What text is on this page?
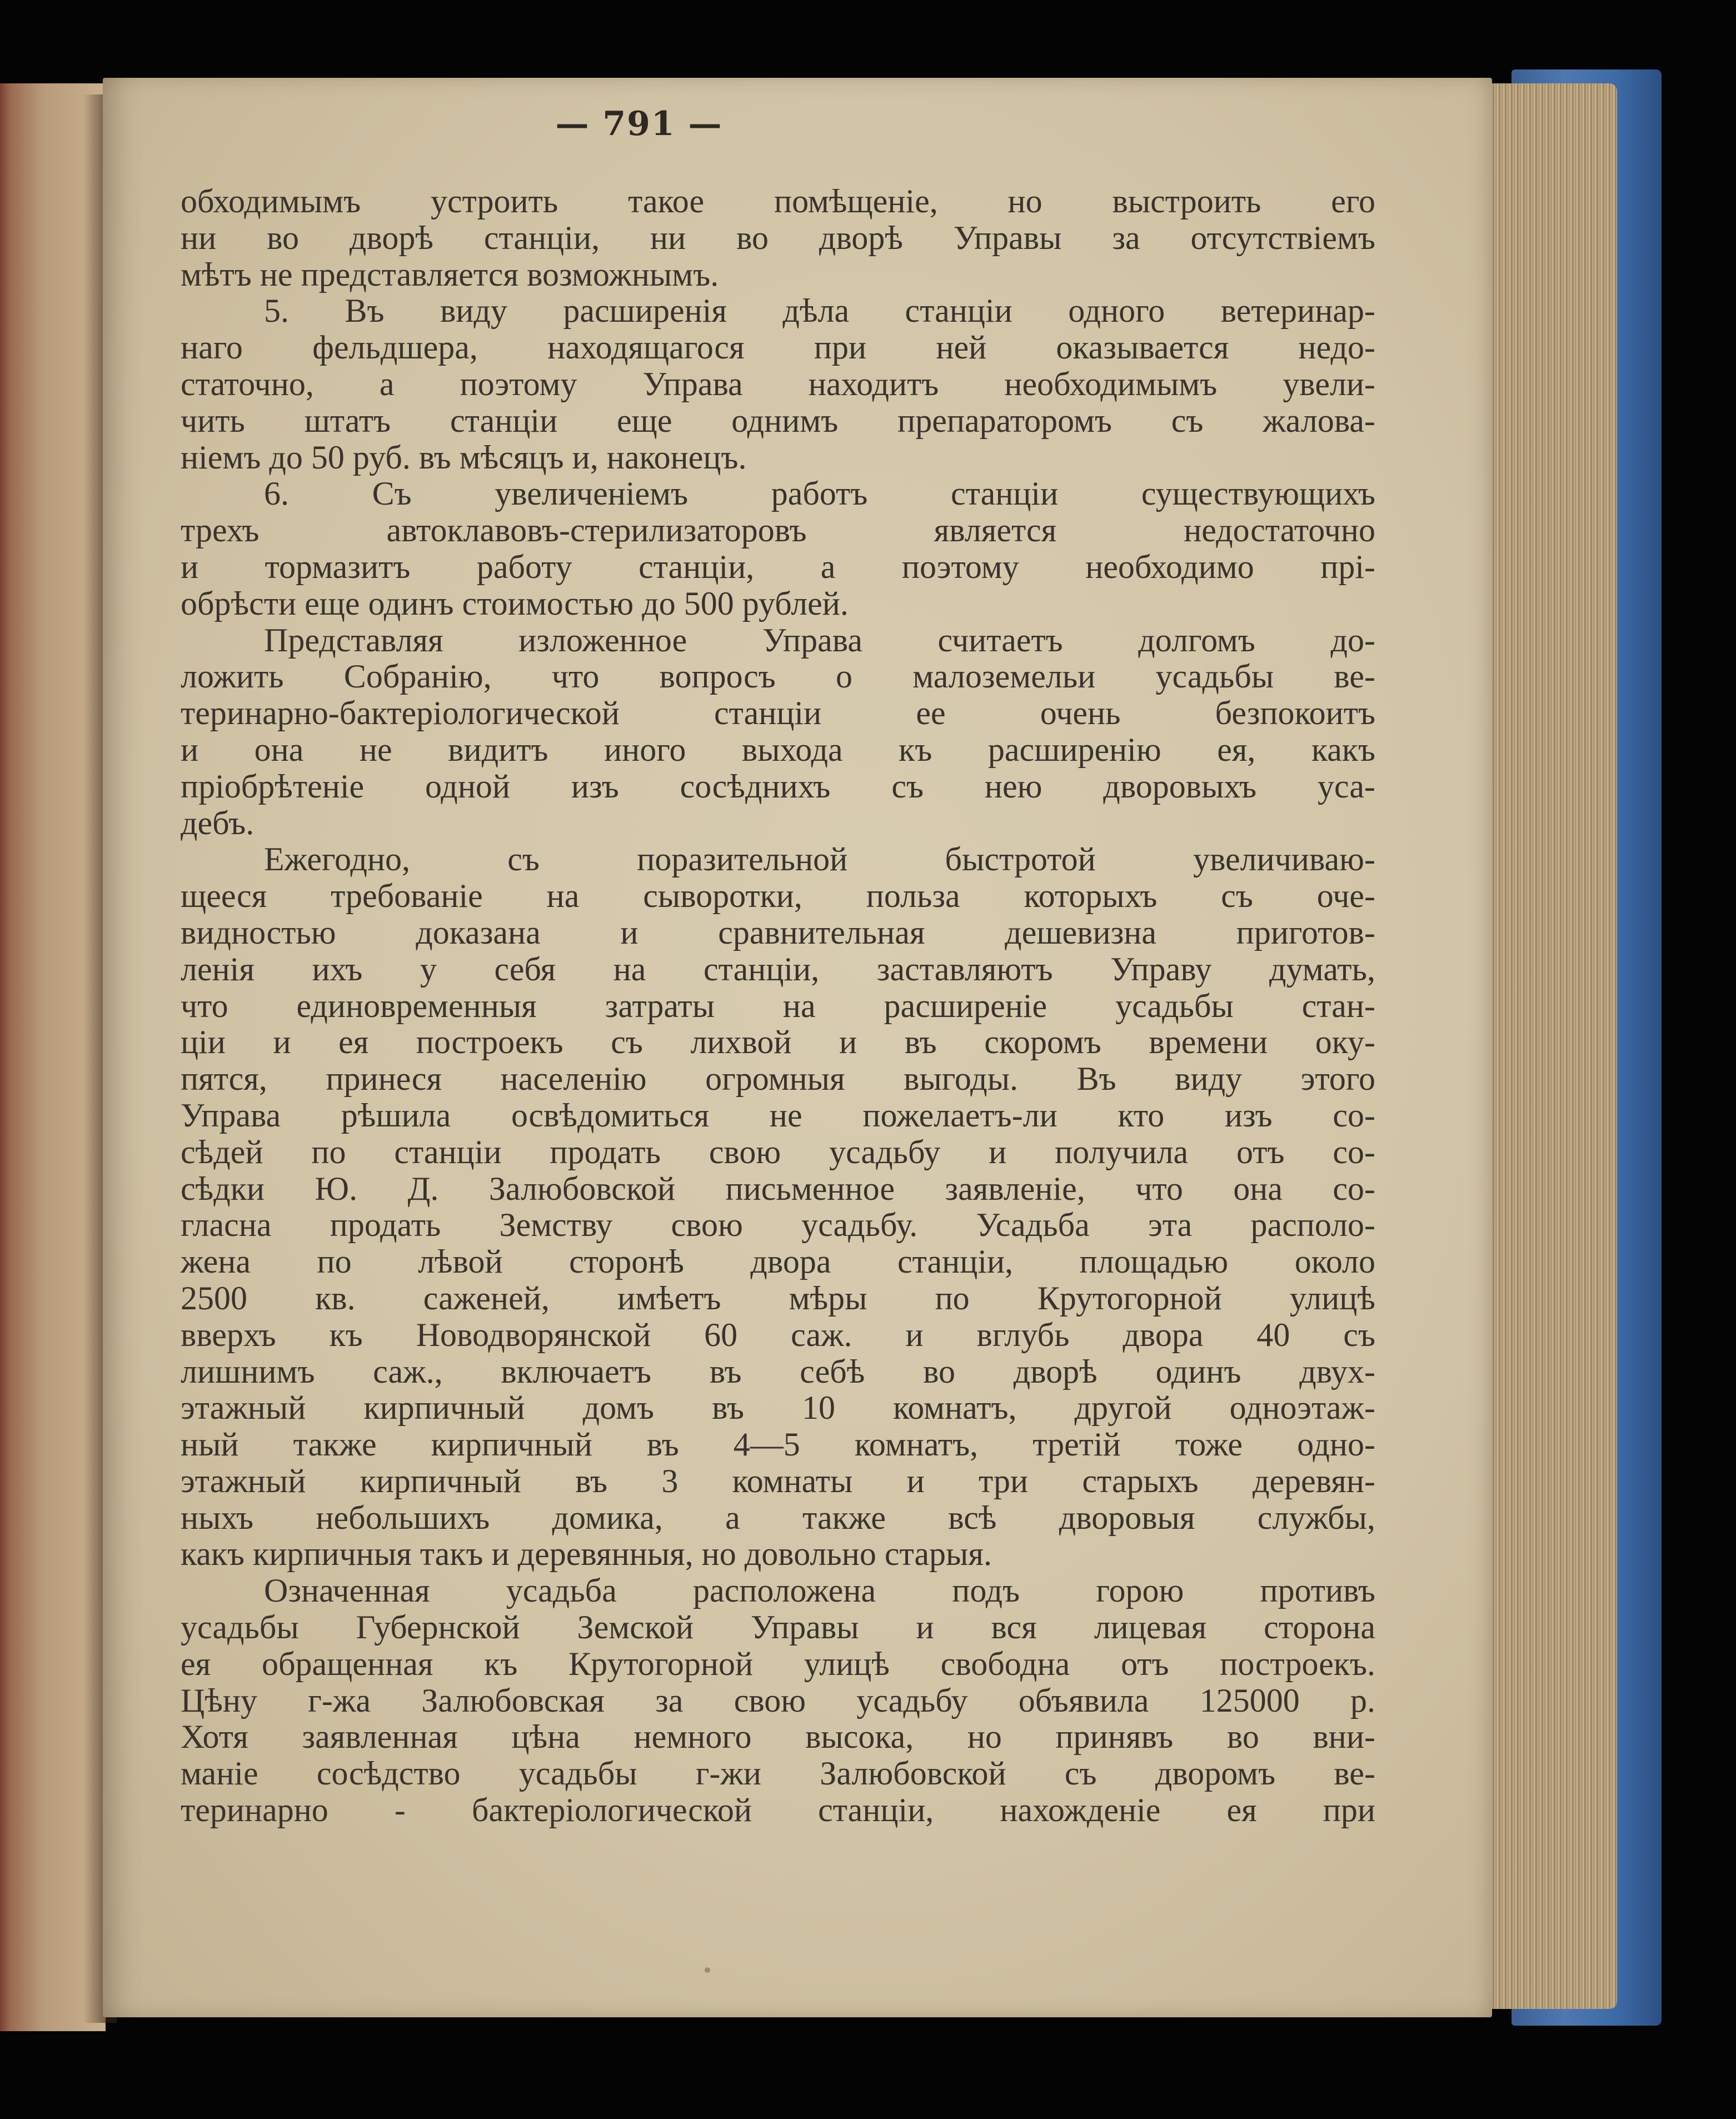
— 791 —
обходимымъ устроить такое помѣщеніе, но выстроить его
ни во дворѣ станціи, ни во дворѣ Управы за отсутствіемъ
мѣтъ не представляется возможнымъ.
5. Въ виду расширенія дѣла станціи одного ветеринар-
наго фельдшера, находящагося при ней оказывается недо-
статочно, а поэтому Управа находитъ необходимымъ увели-
чить штатъ станціи еще однимъ препараторомъ съ жалова-
ніемъ до 50 руб. въ мѣсяцъ и, наконецъ.
6. Съ увеличеніемъ работъ станціи существующихъ
трехъ автоклавовъ-стерилизаторовъ является недостаточно
и тормазитъ работу станціи, а поэтому необходимо прі-
обрѣсти еще одинъ стоимостью до 500 рублей.
Представляя изложенное Управа считаетъ долгомъ до-
ложить Собранію, что вопросъ о малоземельи усадьбы ве-
теринарно-бактеріологической станціи ее очень безпокоитъ
и она не видитъ иного выхода къ расширенію ея, какъ
пріобрѣтеніе одной изъ сосѣднихъ съ нею дворовыхъ уса-
дебъ.
Ежегодно, съ поразительной быстротой увеличиваю-
щееся требованіе на сыворотки, польза которыхъ съ оче-
видностью доказана и сравнительная дешевизна приготов-
ленія ихъ у себя на станціи, заставляютъ Управу думать,
что единовременныя затраты на расширеніе усадьбы стан-
ціи и ея построекъ съ лихвой и въ скоромъ времени оку-
пятся, принеся населенію огромныя выгоды. Въ виду этого
Управа рѣшила освѣдомиться не пожелаетъ-ли кто изъ со-
сѣдей по станціи продать свою усадьбу и получила отъ со-
сѣдки Ю. Д. Залюбовской письменное заявленіе, что она со-
гласна продать Земству свою усадьбу. Усадьба эта располо-
жена по лѣвой сторонѣ двора станціи, площадью около
2500 кв. саженей, имѣетъ мѣры по Крутогорной улицѣ
вверхъ къ Новодворянской 60 саж. и вглубь двора 40 съ
лишнимъ саж., включаетъ въ себѣ во дворѣ одинъ двух-
этажный кирпичный домъ въ 10 комнатъ, другой одноэтаж-
ный также кирпичный въ 4—5 комнатъ, третій тоже одно-
этажный кирпичный въ 3 комнаты и три старыхъ деревян-
ныхъ небольшихъ домика, а также всѣ дворовыя службы,
какъ кирпичныя такъ и деревянныя, но довольно старыя.
Означенная усадьба расположена подъ горою противъ
усадьбы Губернской Земской Управы и вся лицевая сторона
ея обращенная къ Крутогорной улицѣ свободна отъ построекъ.
Цѣну г-жа Залюбовская за свою усадьбу объявила 125000 р.
Хотя заявленная цѣна немного высока, но принявъ во вни-
маніе сосѣдство усадьбы г-жи Залюбовской съ дворомъ ве-
теринарно - бактеріологической станціи, нахожденіе ея при
